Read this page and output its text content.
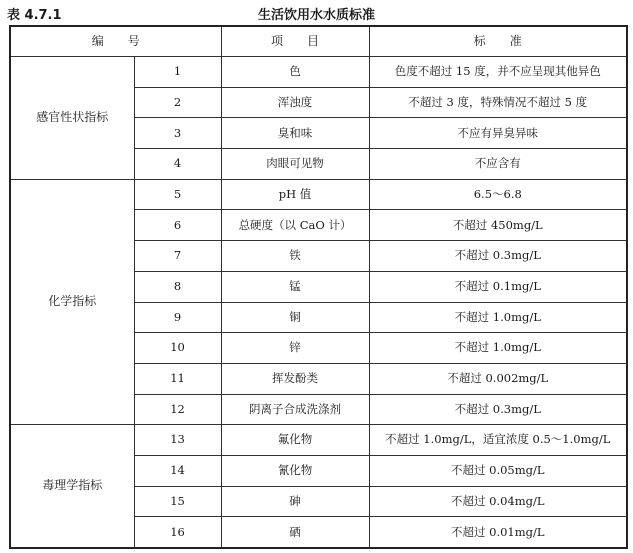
表 4.7.1	生活饮用水水质标准
编　　号		项　　目	标　　准
感官性状指标	1	色	色度不超过 15 度，并不应呈现其他异色
	2	浑浊度	不超过 3 度，特殊情况不超过 5 度
	3	臭和味	不应有异臭异味
	4	肉眼可见物	不应含有
化学指标	5	pH 值	6.5～6.8
	6	总硬度（以 CaO 计）	不超过 450mg/L
	7	铁	不超过 0.3mg/L
	8	锰	不超过 0.1mg/L
	9	铜	不超过 1.0mg/L
	10	锌	不超过 1.0mg/L
	11	挥发酚类	不超过 0.002mg/L
	12	阴离子合成洗涤剂	不超过 0.3mg/L
毒理学指标	13	氟化物	不超过 1.0mg/L，适宜浓度 0.5～1.0mg/L
	14	氰化物	不超过 0.05mg/L
	15	砷	不超过 0.04mg/L
	16	硒	不超过 0.01mg/L
